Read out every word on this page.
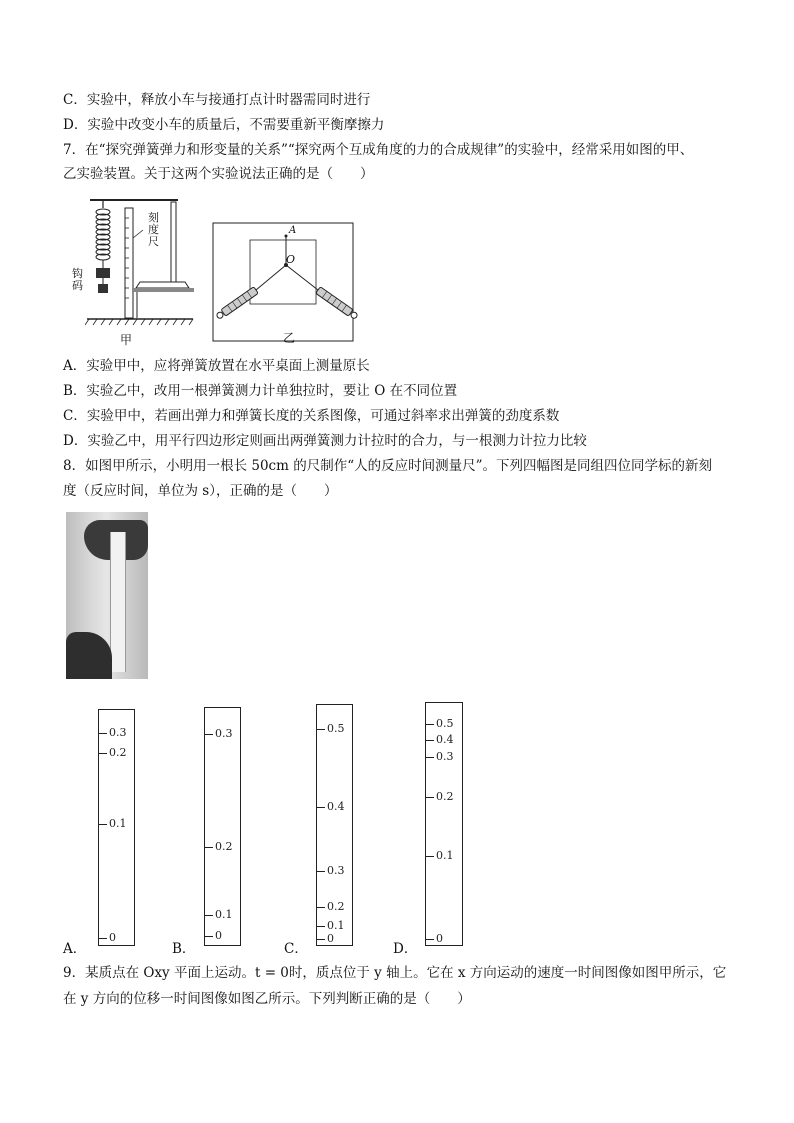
C．实验中，释放小车与接通打点计时器需同时进行
D．实验中改变小车的质量后，不需要重新平衡摩擦力
7．在“探究弹簧弹力和形变量的关系”“探究两个互成角度的力的合成规律”的实验中，经常采用如图的甲、
乙实验装置。关于这两个实验说法正确的是（　　）
刻度尺
钩码
甲
A
O
乙
A．实验甲中，应将弹簧放置在水平桌面上测量原长
B．实验乙中，改用一根弹簧测力计单独拉时，要让 O 在不同位置
C．实验甲中，若画出弹力和弹簧长度的关系图像，可通过斜率求出弹簧的劲度系数
D．实验乙中，用平行四边形定则画出两弹簧测力计拉时的合力，与一根测力计拉力比较
8．如图甲所示，小明用一根长 50cm 的尺制作“人的反应时间测量尺”。下列四幅图是同组四位同学标的新刻
度（反应时间，单位为 s），正确的是（　　）
0.3
0.2
0.1
0
A．
0.3
0.2
0.1
0
B．
0.5
0.4
0.3
0.2
0.1
0
C．
0.5
0.4
0.3
0.2
0.1
0
D．
9．某质点在 Oxy 平面上运动。t = 0时，质点位于 y 轴上。它在 x 方向运动的速度一时间图像如图甲所示，它
在 y 方向的位移一时间图像如图乙所示。下列判断正确的是（　　）
